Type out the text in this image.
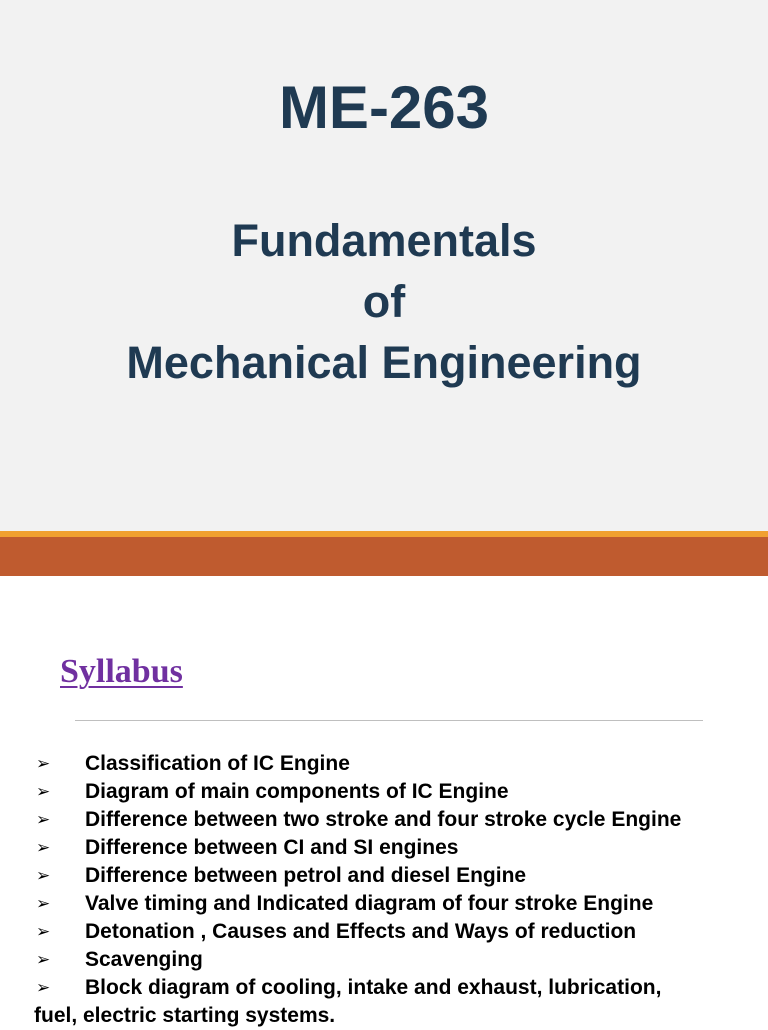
ME-263
Fundamentals
of
Mechanical Engineering
Syllabus
➢ Classification of IC Engine
➢ Diagram of main components of IC Engine
➢ Difference between two stroke and four stroke cycle Engine
➢ Difference between CI and SI engines
➢ Difference between petrol and diesel Engine
➢ Valve timing and Indicated diagram of four stroke Engine
➢ Detonation , Causes and Effects and Ways of reduction
➢ Scavenging
➢ Block diagram of cooling, intake and exhaust, lubrication,
fuel, electric starting systems.
